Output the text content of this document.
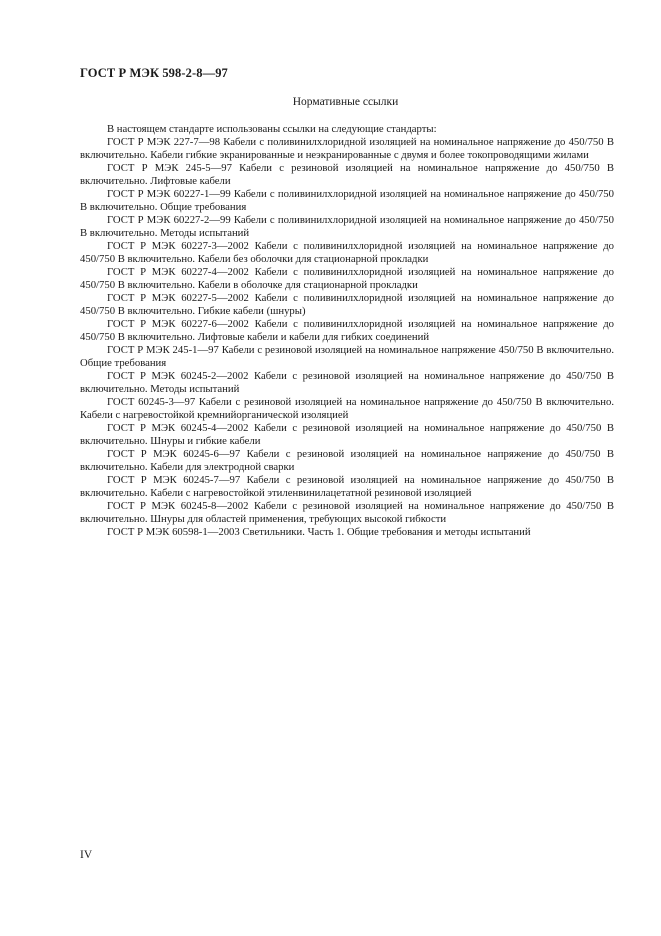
ГОСТ Р МЭК 598-2-8—97
Нормативные ссылки

В настоящем стандарте использованы ссылки на следующие стандарты:

ГОСТ Р МЭК 227-7—98 Кабели с поливинилхлоридной изоляцией на номинальное напряжение до 450/750 В включительно. Кабели гибкие экранированные и неэкранированные с двумя и более токопроводящими жилами

ГОСТ Р МЭК 245-5—97 Кабели с резиновой изоляцией на номинальное напряжение до 450/750 В включительно. Лифтовые кабели

ГОСТ Р МЭК 60227-1—99 Кабели с поливинилхлоридной изоляцией на номинальное напряжение до 450/750 В включительно. Общие требования

ГОСТ Р МЭК 60227-2—99 Кабели с поливинилхлоридной изоляцией на номинальное напряжение до 450/750 В включительно. Методы испытаний

ГОСТ Р МЭК 60227-3—2002 Кабели с поливинилхлоридной изоляцией на номинальное напряжение до 450/750 В включительно. Кабели без оболочки для стационарной прокладки

ГОСТ Р МЭК 60227-4—2002 Кабели с поливинилхлоридной изоляцией на номинальное напряжение до 450/750 В включительно. Кабели в оболочке для стационарной прокладки

ГОСТ Р МЭК 60227-5—2002 Кабели с поливинилхлоридной изоляцией на номинальное напряжение до 450/750 В включительно. Гибкие кабели (шнуры)

ГОСТ Р МЭК 60227-6—2002 Кабели с поливинилхлоридной изоляцией на номинальное напряжение до 450/750 В включительно. Лифтовые кабели и кабели для гибких соединений

ГОСТ Р МЭК 245-1—97 Кабели с резиновой изоляцией на номинальное напряжение 450/750 В включительно. Общие требования

ГОСТ Р МЭК 60245-2—2002 Кабели с резиновой изоляцией на номинальное напряжение до 450/750 В включительно. Методы испытаний

ГОСТ 60245-3—97 Кабели с резиновой изоляцией на номинальное напряжение до 450/750 В включительно. Кабели с нагревостойкой кремнийорганической изоляцией

ГОСТ Р МЭК 60245-4—2002 Кабели с резиновой изоляцией на номинальное напряжение до 450/750 В включительно. Шнуры и гибкие кабели

ГОСТ Р МЭК 60245-6—97 Кабели с резиновой изоляцией на номинальное напряжение до 450/750 В включительно. Кабели для электродной сварки

ГОСТ Р МЭК 60245-7—97 Кабели с резиновой изоляцией на номинальное напряжение до 450/750 В включительно. Кабели с нагревостойкой этиленвинилацетатной резиновой изоляцией

ГОСТ Р МЭК 60245-8—2002 Кабели с резиновой изоляцией на номинальное напряжение до 450/750 В включительно. Шнуры для областей применения, требующих высокой гибкости

ГОСТ Р МЭК 60598-1—2003 Светильники. Часть 1. Общие требования и методы испытаний

IV
